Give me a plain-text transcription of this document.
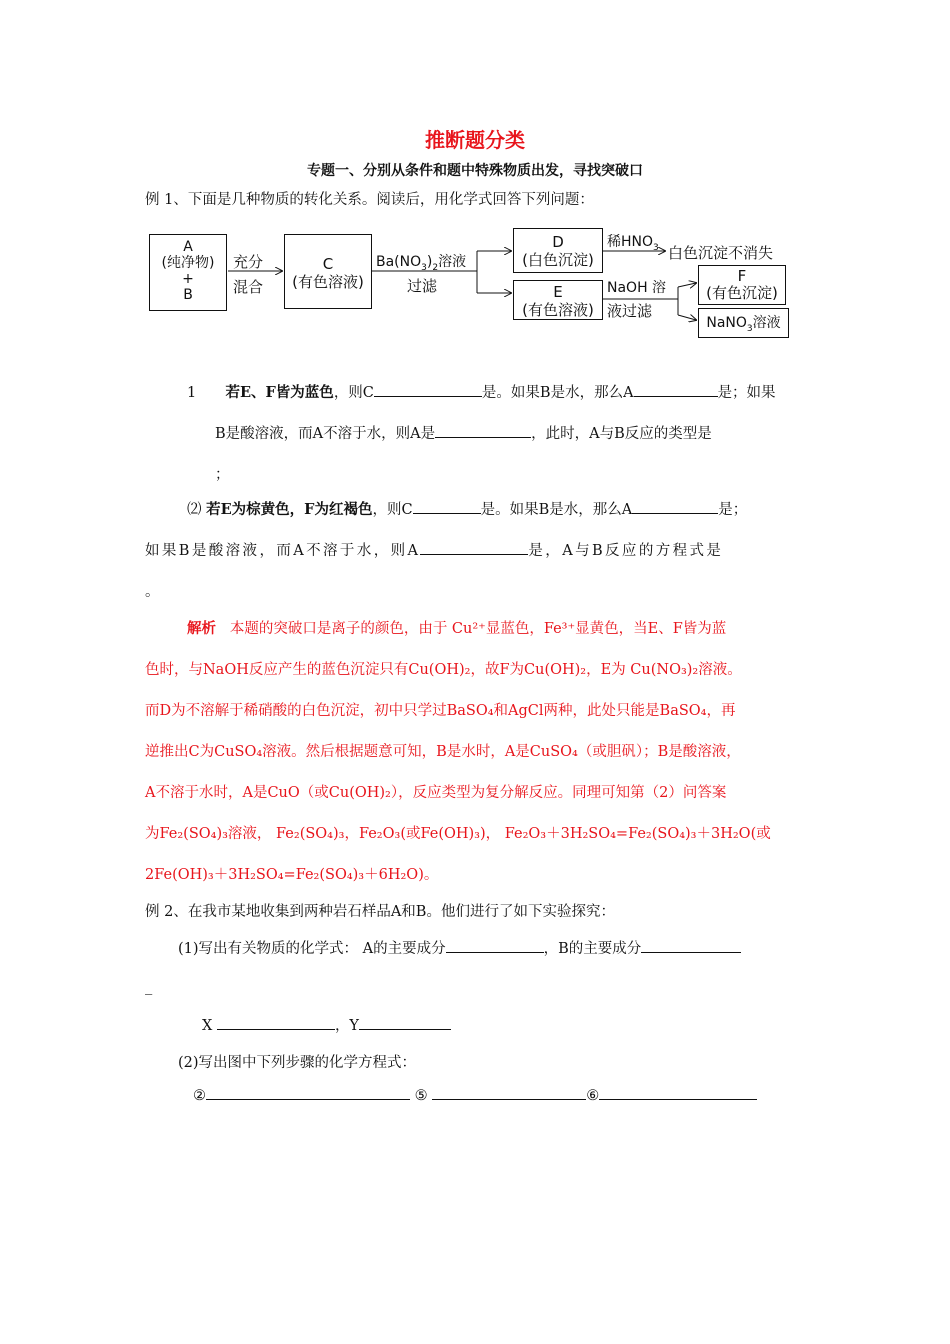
推断题分类
专题一、分别从条件和题中特殊物质出发，寻找突破口
例 1、下面是几种物质的转化关系。阅读后，用化学式回答下列问题：
A
(纯净物)
+
B
充分
混合
C
(有色溶液)
$Ba(NO_3)_2$溶液
过滤
D
(白色沉淀)
稀$HNO_3$ 白色沉淀不消失
E
(有色溶液)
NaOH 溶
液过滤
F
(有色沉淀)
NaNO$_3$溶液
1 若E、F皆为蓝色，则C	是。如果B是水，那么A	是；如果
B是酸溶液，而A不溶于水，则A是	，此时，A与B反应的类型是
；
⑵ 若E为棕黄色，F为红褐色，则C	是。如果B是水，那么A	是；
如果B是酸溶液，而A不溶于水，则A	是，A与B反应的方程式是
。
解析 本题的突破口是离子的颜色，由于 Cu²⁺显蓝色，Fe³⁺显黄色，当E、F皆为蓝
色时，与NaOH反应产生的蓝色沉淀只有Cu(OH)₂，故F为Cu(OH)₂，E为 Cu(NO₃)₂溶液。
而D为不溶解于稀硝酸的白色沉淀，初中只学过BaSO₄和AgCl两种，此处只能是BaSO₄，再
逆推出C为CuSO₄溶液。然后根据题意可知，B是水时，A是CuSO₄（或胆矾）；B是酸溶液，
A不溶于水时，A是CuO（或Cu(OH)₂），反应类型为复分解反应。同理可知第（2）问答案
为Fe₂(SO₄)₃溶液， Fe₂(SO₄)₃，Fe₂O₃(或Fe(OH)₃)， Fe₂O₃＋3H₂SO₄=Fe₂(SO₄)₃＋3H₂O(或
2Fe(OH)₃＋3H₂SO₄=Fe₂(SO₄)₃＋6H₂O)。
例 2、在我市某地收集到两种岩石样品A和B。他们进行了如下实验探究：
(1)写出有关物质的化学式： A的主要成分	，B的主要成分
_
X	，Y
(2)写出图中下列步骤的化学方程式：
②	⑤	⑥
